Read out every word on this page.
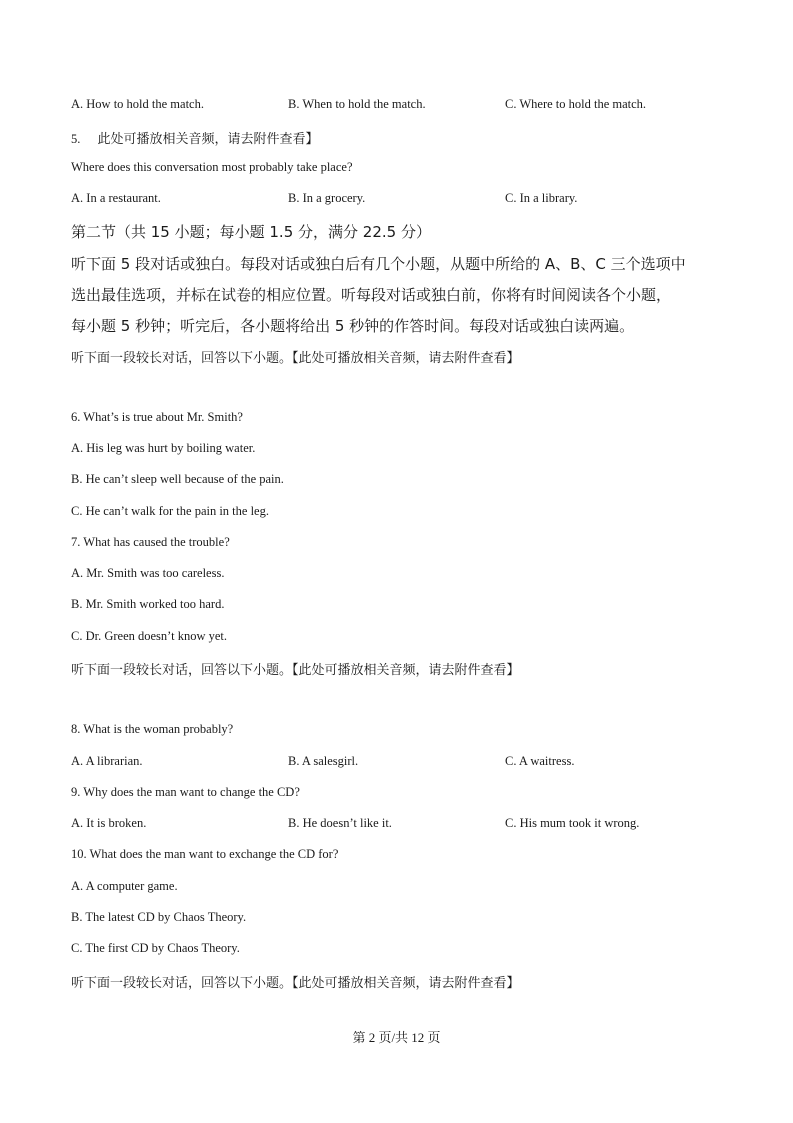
A. How to hold the match.	B. When to hold the match.	C. Where to hold the match.
5. 此处可播放相关音频，请去附件查看】
Where does this conversation most probably take place?
A. In a restaurant.	B. In a grocery.	C. In a library.
第二节（共 15 小题；每小题 1.5 分，满分 22.5 分）
听下面 5 段对话或独白。每段对话或独白后有几个小题，从题中所给的 A、B、C 三个选项中
选出最佳选项，并标在试卷的相应位置。听每段对话或独白前，你将有时间阅读各个小题，
每小题 5 秒钟；听完后，各小题将给出 5 秒钟的作答时间。每段对话或独白读两遍。
听下面一段较长对话，回答以下小题。【此处可播放相关音频，请去附件查看】
6. What’s is true about Mr. Smith?
A. His leg was hurt by boiling water.
B. He can’t sleep well because of the pain.
C. He can’t walk for the pain in the leg.
7. What has caused the trouble?
A. Mr. Smith was too careless.
B. Mr. Smith worked too hard.
C. Dr. Green doesn’t know yet.
听下面一段较长对话，回答以下小题。【此处可播放相关音频，请去附件查看】
8. What is the woman probably?
A. A librarian.	B. A salesgirl.	C. A waitress.
9. Why does the man want to change the CD?
A. It is broken.	B. He doesn’t like it.	C. His mum took it wrong.
10. What does the man want to exchange the CD for?
A. A computer game.
B. The latest CD by Chaos Theory.
C. The first CD by Chaos Theory.
听下面一段较长对话，回答以下小题。【此处可播放相关音频，请去附件查看】
第 2 页/共 12 页
